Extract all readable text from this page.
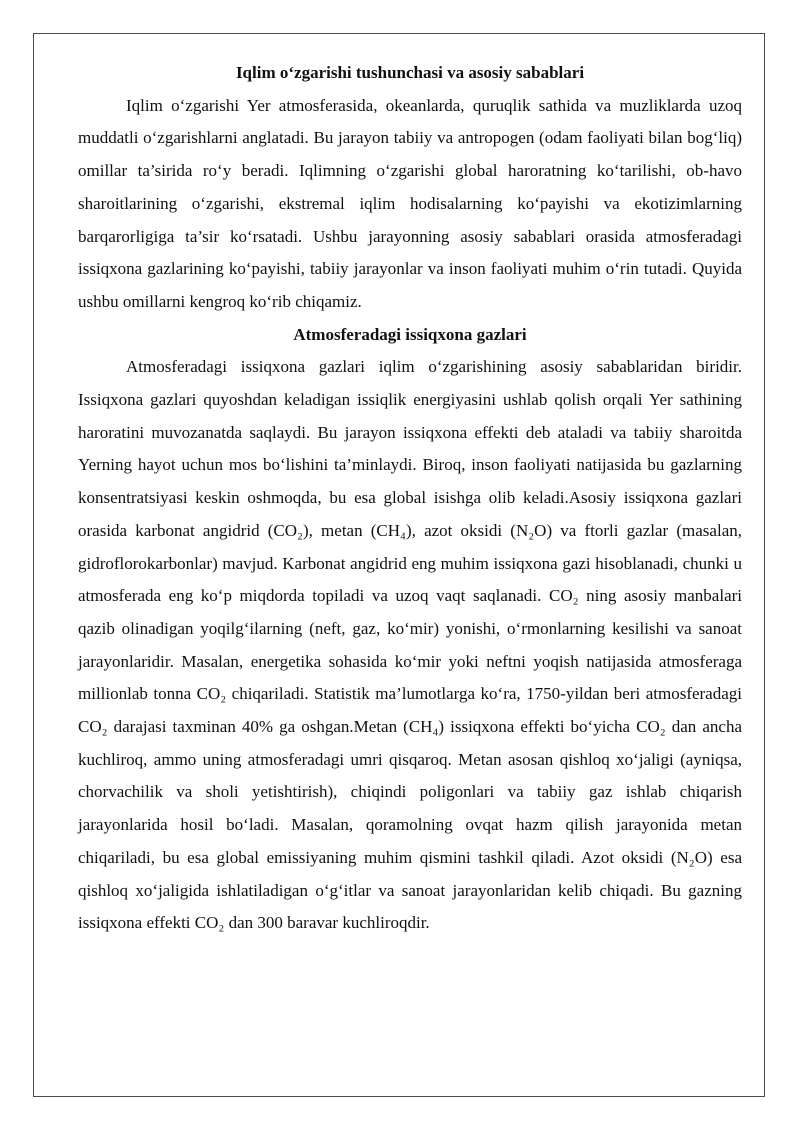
Iqlim o‘zgarishi tushunchasi va asosiy sabablari

Iqlim o‘zgarishi Yer atmosferasida, okeanlarda, quruqlik sathida va muzliklarda uzoq muddatli o‘zgarishlarni anglatadi. Bu jarayon tabiiy va antropogen (odam faoliyati bilan bog‘liq) omillar ta’sirida ro‘y beradi. Iqlimning o‘zgarishi global haroratning ko‘tarilishi, ob-havo sharoitlarining o‘zgarishi, ekstremal iqlim hodisalarning ko‘payishi va ekotizimlarning barqarorligiga ta’sir ko‘rsatadi. Ushbu jarayonning asosiy sabablari orasida atmosferadagi issiqxona gazlarining ko‘payishi, tabiiy jarayonlar va inson faoliyati muhim o‘rin tutadi. Quyida ushbu omillarni kengroq ko‘rib chiqamiz.

Atmosferadagi issiqxona gazlari

Atmosferadagi issiqxona gazlari iqlim o‘zgarishining asosiy sabablaridan biridir. Issiqxona gazlari quyoshdan keladigan issiqlik energiyasini ushlab qolish orqali Yer sathining haroratini muvozanatda saqlaydi. Bu jarayon issiqxona effekti deb ataladi va tabiiy sharoitda Yerning hayot uchun mos bo‘lishini ta’minlaydi. Biroq, inson faoliyati natijasida bu gazlarning konsentratsiyasi keskin oshmoqda, bu esa global isishga olib keladi.Asosiy issiqxona gazlari orasida karbonat angidrid (CO₂), metan (CH₄), azot oksidi (N₂O) va ftorli gazlar (masalan, gidroflorokarbonlar) mavjud. Karbonat angidrid eng muhim issiqxona gazi hisoblanadi, chunki u atmosferada eng ko‘p miqdorda topiladi va uzoq vaqt saqlanadi. CO₂ ning asosiy manbalari qazib olinadigan yoqilg‘ilarning (neft, gaz, ko‘mir) yonishi, o‘rmonlarning kesilishi va sanoat jarayonlaridir. Masalan, energetika sohasida ko‘mir yoki neftni yoqish natijasida atmosferaga millionlab tonna CO₂ chiqariladi. Statistik ma’lumotlarga ko‘ra, 1750-yildan beri atmosferadagi CO₂ darajasi taxminan 40% ga oshgan.Metan (CH₄) issiqxona effekti bo‘yicha CO₂ dan ancha kuchliroq, ammo uning atmosferadagi umri qisqaroq. Metan asosan qishloq xo‘jaligi (ayniqsa, chorvachilik va sholi yetishtirish), chiqindi poligonlari va tabiiy gaz ishlab chiqarish jarayonlarida hosil bo‘ladi. Masalan, qoramolning ovqat hazm qilish jarayonida metan chiqariladi, bu esa global emissiyaning muhim qismini tashkil qiladi. Azot oksidi (N₂O) esa qishloq xo‘jaligida ishlatiladigan o‘g‘itlar va sanoat jarayonlaridan kelib chiqadi. Bu gazning issiqxona effekti CO₂ dan 300 baravar kuchliroqdir.
